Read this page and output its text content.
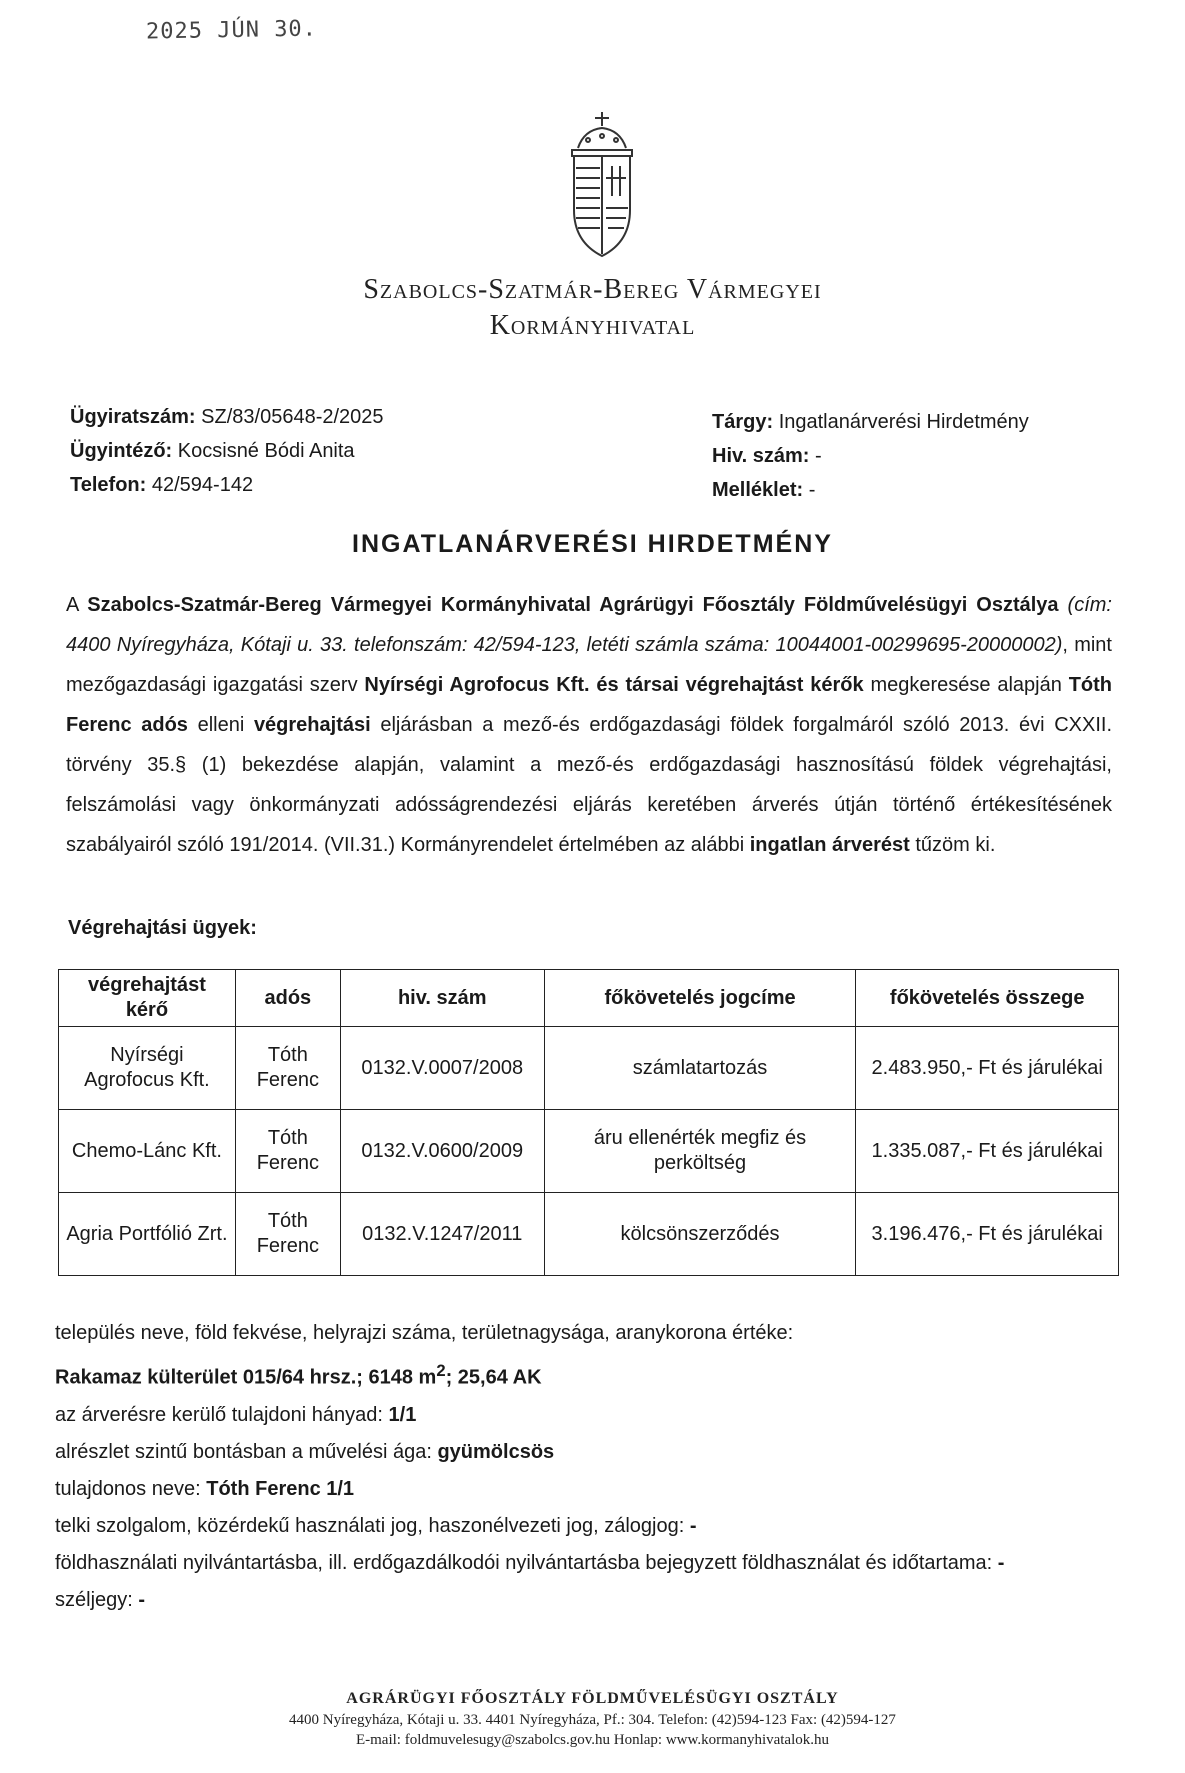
2025 JÚN 30.
Szabolcs-Szatmár-Bereg Vármegyei
Kormányhivatal
Ügyiratszám: SZ/83/05648-2/2025
Ügyintéző: Kocsisné Bódi Anita
Telefon: 42/594-142
Tárgy: Ingatlanárverési Hirdetmény
Hiv. szám: -
Melléklet: -
INGATLANÁRVERÉSI HIRDETMÉNY

A Szabolcs-Szatmár-Bereg Vármegyei Kormányhivatal Agrárügyi Főosztály Földművelésügyi Osztálya (cím: 4400 Nyíregyháza, Kótaji u. 33. telefonszám: 42/594-123, letéti számla száma: 10044001-00299695-20000002), mint mezőgazdasági igazgatási szerv Nyírségi Agrofocus Kft. és társai végrehajtást kérők megkeresése alapján Tóth Ferenc adós elleni végrehajtási eljárásban a mező-és erdőgazdasági földek forgalmáról szóló 2013. évi CXXII. törvény 35.§ (1) bekezdése alapján, valamint a mező-és erdőgazdasági hasznosítású földek végrehajtási, felszámolási vagy önkormányzati adósságrendezési eljárás keretében árverés útján történő értékesítésének szabályairól szóló 191/2014. (VII.31.) Kormányrendelet értelmében az alábbi ingatlan árverést tűzöm ki.

Végrehajtási ügyek:
végrehajtást kérő	adós	hiv. szám	főkövetelés jogcíme	főkövetelés összege
Nyírségi Agrofocus Kft.	Tóth Ferenc	0132.V.0007/2008	számlatartozás	2.483.950,- Ft és járulékai
Chemo-Lánc Kft.	Tóth Ferenc	0132.V.0600/2009	áru ellenérték megfiz és perköltség	1.335.087,- Ft és járulékai
Agria Portfólió Zrt.	Tóth Ferenc	0132.V.1247/2011	kölcsönszerződés	3.196.476,- Ft és járulékai
település neve, föld fekvése, helyrajzi száma, területnagysága, aranykorona értéke:
Rakamaz külterület 015/64 hrsz.; 6148 $m^2$; 25,64 AK
az árverésre kerülő tulajdoni hányad: 1/1
alrészlet szintű bontásban a művelési ága: gyümölcsös
tulajdonos neve: Tóth Ferenc 1/1
telki szolgalom, közérdekű használati jog, haszonélvezeti jog, zálogjog: -
földhasználati nyilvántartásba, ill. erdőgazdálkodói nyilvántartásba bejegyzett földhasználat és időtartama: -
széljegy: -
AGRÁRÜGYI FŐOSZTÁLY FÖLDMŰVELÉSÜGYI OSZTÁLY
4400 Nyíregyháza, Kótaji u. 33. 4401 Nyíregyháza, Pf.: 304. Telefon: (42)594-123 Fax: (42)594-127
E-mail: foldmuvelesugy@szabolcs.gov.hu Honlap: www.kormanyhivatalok.hu
